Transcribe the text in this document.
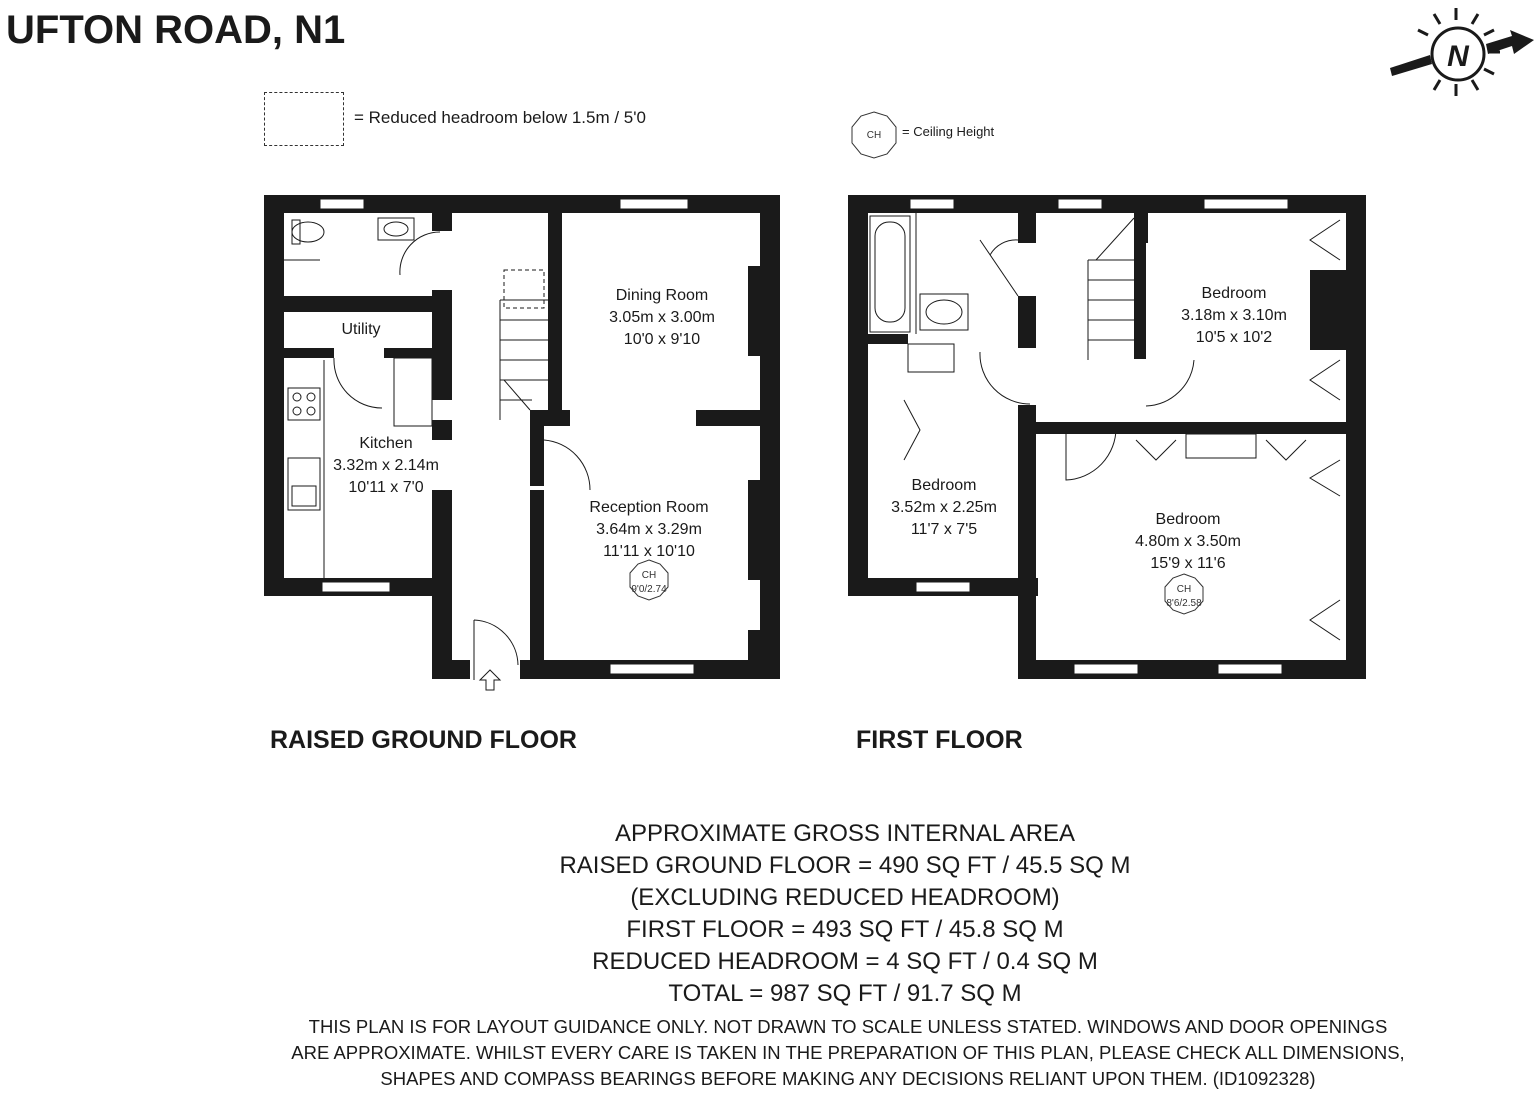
UFTON ROAD, N1
= Reduced headroom below 1.5m / 5'0
CH = Ceiling Height
N
Utility
Kitchen
3.32m x 2.14m
10'11 x 7'0
Dining Room
3.05m x 3.00m
10'0 x 9'10
Reception Room
3.64m x 3.29m
11'11 x 10'10
CH
9'0/2.74
Bedroom
3.18m x 3.10m
10'5 x 10'2
Bedroom
3.52m x 2.25m
11'7 x 7'5
Bedroom
4.80m x 3.50m
15'9 x 11'6
CH
8'6/2.58
RAISED GROUND FLOOR	FIRST FLOOR
APPROXIMATE GROSS INTERNAL AREA
RAISED GROUND FLOOR = 490 SQ FT / 45.5 SQ M
(EXCLUDING REDUCED HEADROOM)
FIRST FLOOR = 493 SQ FT / 45.8 SQ M
REDUCED HEADROOM = 4 SQ FT / 0.4 SQ M
TOTAL = 987 SQ FT / 91.7 SQ M
THIS PLAN IS FOR LAYOUT GUIDANCE ONLY. NOT DRAWN TO SCALE UNLESS STATED. WINDOWS AND DOOR OPENINGS
ARE APPROXIMATE. WHILST EVERY CARE IS TAKEN IN THE PREPARATION OF THIS PLAN, PLEASE CHECK ALL DIMENSIONS,
SHAPES AND COMPASS BEARINGS BEFORE MAKING ANY DECISIONS RELIANT UPON THEM. (ID1092328)
